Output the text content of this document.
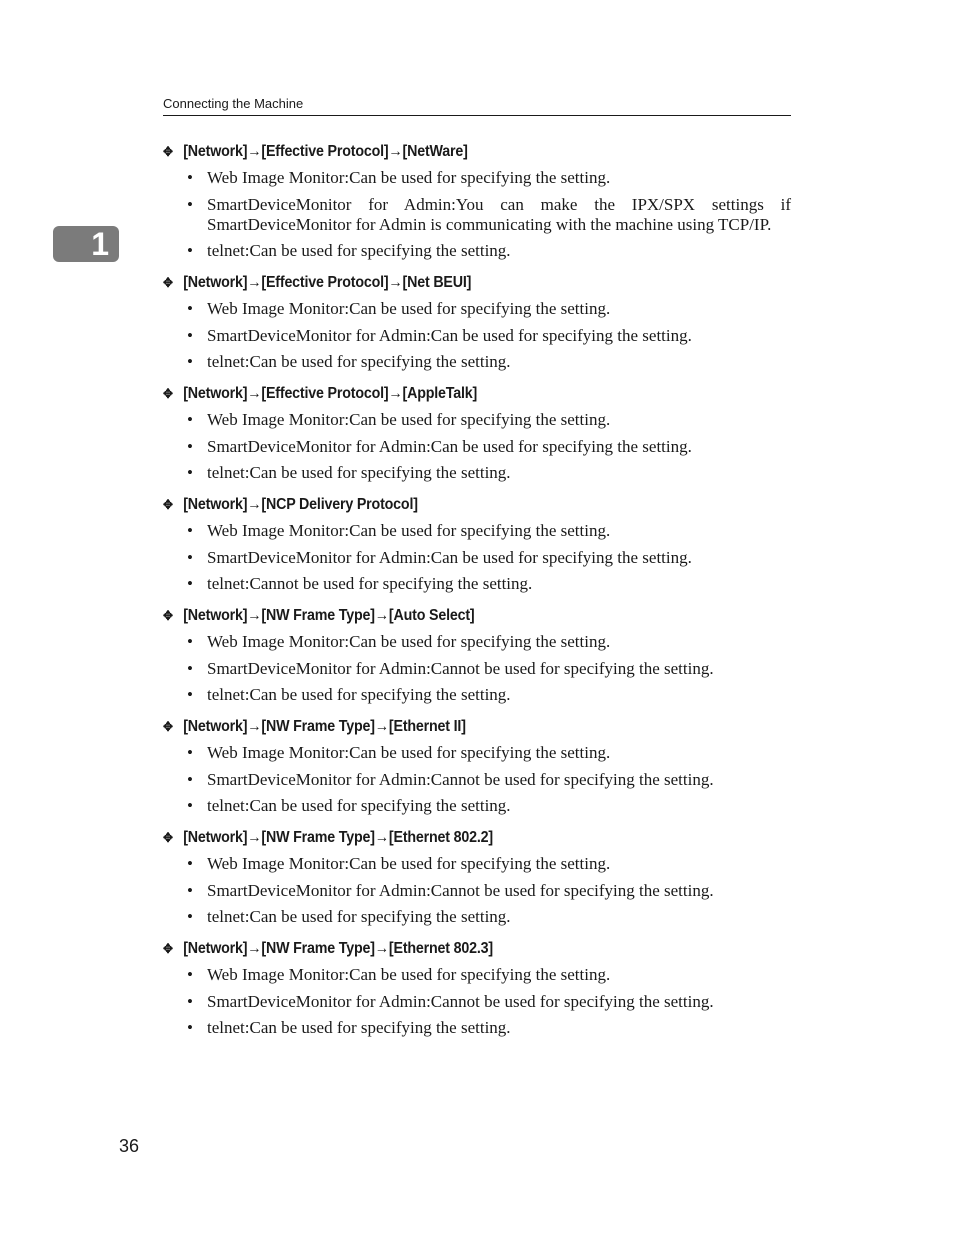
Connecting the Machine
1
✥ [Network]→[Effective Protocol]→[NetWare]
• Web Image Monitor:Can be used for specifying the setting.
• SmartDeviceMonitor for Admin:You can make the IPX/SPX settings if SmartDeviceMonitor for Admin is communicating with the machine using TCP/IP.
• telnet:Can be used for specifying the setting.
✥ [Network]→[Effective Protocol]→[Net BEUI]
• Web Image Monitor:Can be used for specifying the setting.
• SmartDeviceMonitor for Admin:Can be used for specifying the setting.
• telnet:Can be used for specifying the setting.
✥ [Network]→[Effective Protocol]→[AppleTalk]
• Web Image Monitor:Can be used for specifying the setting.
• SmartDeviceMonitor for Admin:Can be used for specifying the setting.
• telnet:Can be used for specifying the setting.
✥ [Network]→[NCP Delivery Protocol]
• Web Image Monitor:Can be used for specifying the setting.
• SmartDeviceMonitor for Admin:Can be used for specifying the setting.
• telnet:Cannot be used for specifying the setting.
✥ [Network]→[NW Frame Type]→[Auto Select]
• Web Image Monitor:Can be used for specifying the setting.
• SmartDeviceMonitor for Admin:Cannot be used for specifying the setting.
• telnet:Can be used for specifying the setting.
✥ [Network]→[NW Frame Type]→[Ethernet II]
• Web Image Monitor:Can be used for specifying the setting.
• SmartDeviceMonitor for Admin:Cannot be used for specifying the setting.
• telnet:Can be used for specifying the setting.
✥ [Network]→[NW Frame Type]→[Ethernet 802.2]
• Web Image Monitor:Can be used for specifying the setting.
• SmartDeviceMonitor for Admin:Cannot be used for specifying the setting.
• telnet:Can be used for specifying the setting.
✥ [Network]→[NW Frame Type]→[Ethernet 802.3]
• Web Image Monitor:Can be used for specifying the setting.
• SmartDeviceMonitor for Admin:Cannot be used for specifying the setting.
• telnet:Can be used for specifying the setting.
36
